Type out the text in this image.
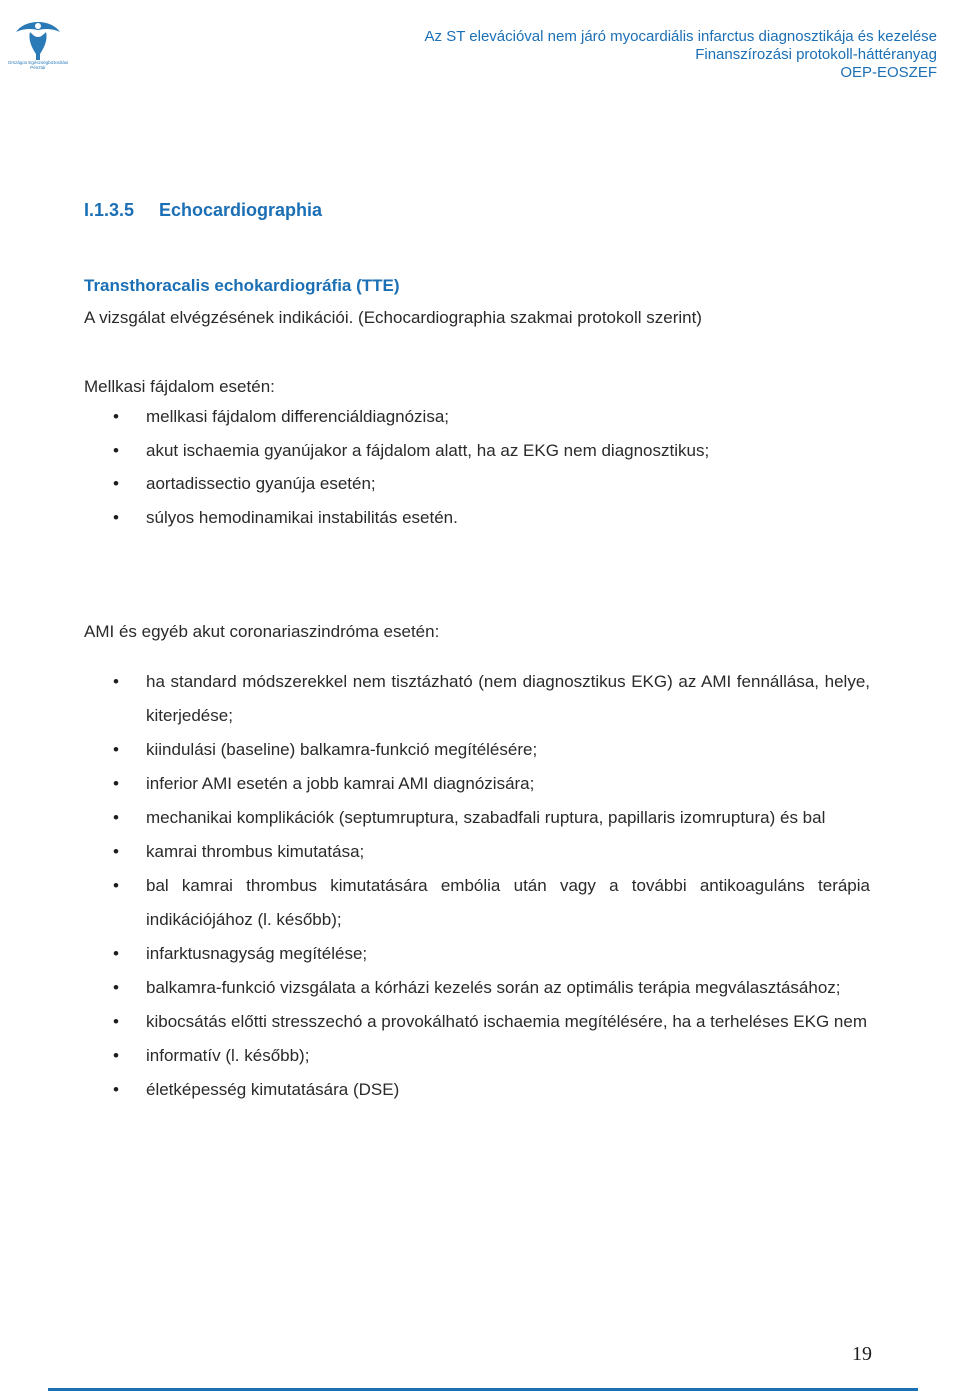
Országos Egészségbiztosítási Pénztár
Az ST elevációval nem járó myocardiális infarctus diagnosztikája és kezelése
Finanszírozási protokoll-háttéranyag
OEP-EOSZEF
I.1.3.5 Echocardiographia
Transthoracalis echokardiográfia (TTE)
A vizsgálat elvégzésének indikációi. (Echocardiographia szakmai protokoll szerint)
Mellkasi fájdalom esetén:
• mellkasi fájdalom differenciáldiagnózisa;
• akut ischaemia gyanújakor a fájdalom alatt, ha az EKG nem diagnosztikus;
• aortadissectio gyanúja esetén;
• súlyos hemodinamikai instabilitás esetén.
AMI és egyéb akut coronariaszindróma esetén:
• ha standard módszerekkel nem tisztázható (nem diagnosztikus EKG) az AMI fennállása, helye, kiterjedése;
• kiindulási (baseline) balkamra-funkció megítélésére;
• inferior AMI esetén a jobb kamrai AMI diagnózisára;
• mechanikai komplikációk (septumruptura, szabadfali ruptura, papillaris izomruptura) és bal
• kamrai thrombus kimutatása;
• bal kamrai thrombus kimutatására embólia után vagy a további antikoaguláns terápia indikációjához (l. később);
• infarktusnagyság megítélése;
• balkamra-funkció vizsgálata a kórházi kezelés során az optimális terápia megválasztásához;
• kibocsátás előtti stresszechó a provokálható ischaemia megítélésére, ha a terheléses EKG nem
• informatív (l. később);
• életképesség kimutatására (DSE)
19
